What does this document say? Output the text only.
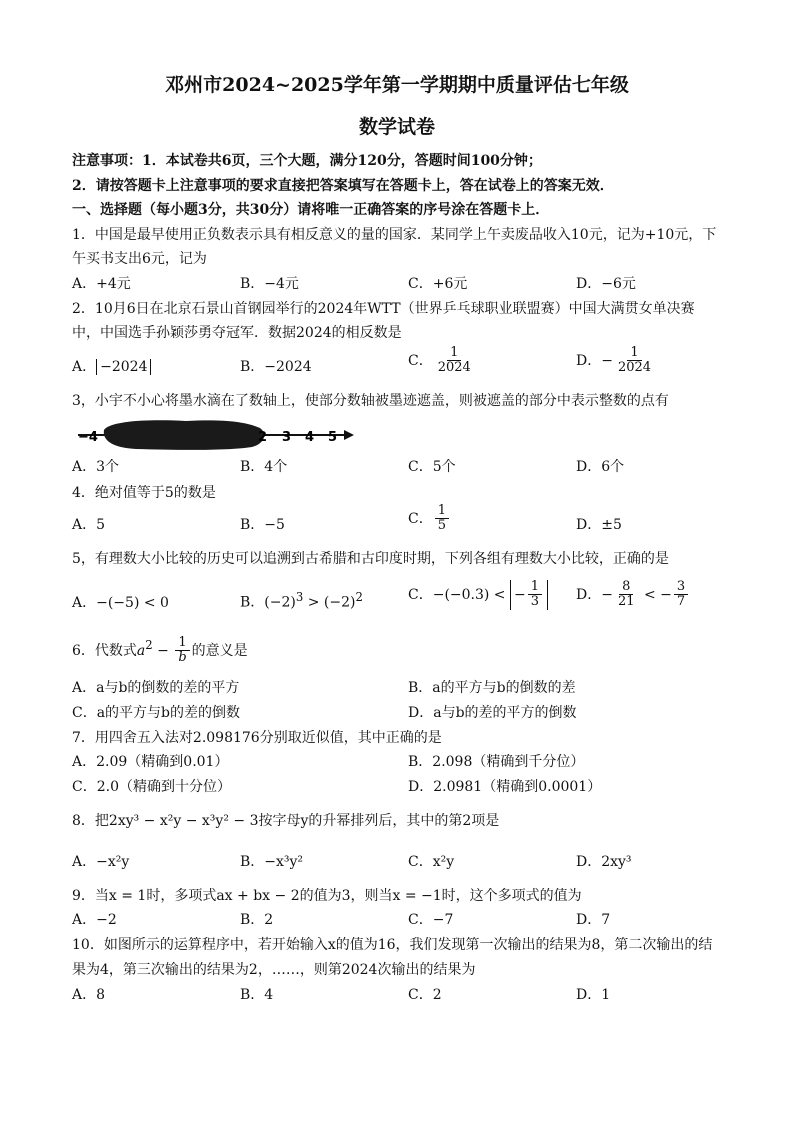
邓州市2024~2025学年第一学期期中质量评估七年级
数学试卷
注意事项：1．本试卷共6页，三个大题，满分120分，答题时间100分钟；
2．请按答题卡上注意事项的要求直接把答案填写在答题卡上，答在试卷上的答案无效．
一、选择题（每小题3分，共30分）请将唯一正确答案的序号涂在答题卡上．
1．中国是最早使用正负数表示具有相反意义的量的国家．某同学上午卖废品收入10元，记为+10元，下
午买书支出6元，记为
A．+4元	B．−4元	C．+6元	D．−6元
2．10月6日在北京石景山首钢园举行的2024年WTT（世界乒乓球职业联盟赛）中国大满贯女单决赛
中，中国选手孙颖莎勇夺冠军．数据2024的相反数是
A． −2024	B．−2024	C． $\frac{1}{2024}$	D．− $\frac{1}{2024}$
3，小宇不小心将墨水滴在了数轴上，使部分数轴被墨迹遮盖，则被遮盖的部分中表示整数的点有
−4	2 3 4 5
A．3个	B．4个	C．5个	D．6个
4．绝对值等于5的数是
A．5	B．−5	C． $\frac{1}{5}$	D．±5
5，有理数大小比较的历史可以追溯到古希腊和古印度时期，下列各组有理数大小比较，正确的是
A．−(−5) < 0	B．$(-2)^3 > (-2)^2$	C．−(−0.3) < − $\frac{1}{3}$ D．− $\frac{8}{21}$ < − $\frac{3}{7}$
6．代数式$a^2 - \frac{1}{b}$ 的意义是
A．a与b的倒数的差的平方	B．a的平方与b的倒数的差
C．a的平方与b的差的倒数	D．a与b的差的平方的倒数
7．用四舍五入法对2.098176分别取近似值，其中正确的是
A．2.09（精确到0.01）	B．2.098（精确到千分位）
C．2.0（精确到十分位）	D．2.0981（精确到0.0001）
8．把2xy³ − x²y − x³y² − 3按字母y的升幂排列后，其中的第2项是
A．−x²y	B．−x³y²	C．x²y	D．2xy³
9．当x = 1时，多项式ax + bx − 2的值为3，则当x = −1时，这个多项式的值为
A．−2	B．2	C．−7	D．7
10．如图所示的运算程序中，若开始输入x的值为16，我们发现第一次输出的结果为8，第二次输出的结
果为4，第三次输出的结果为2，……，则第2024次输出的结果为
A．8	B．4	C．2	D．1
